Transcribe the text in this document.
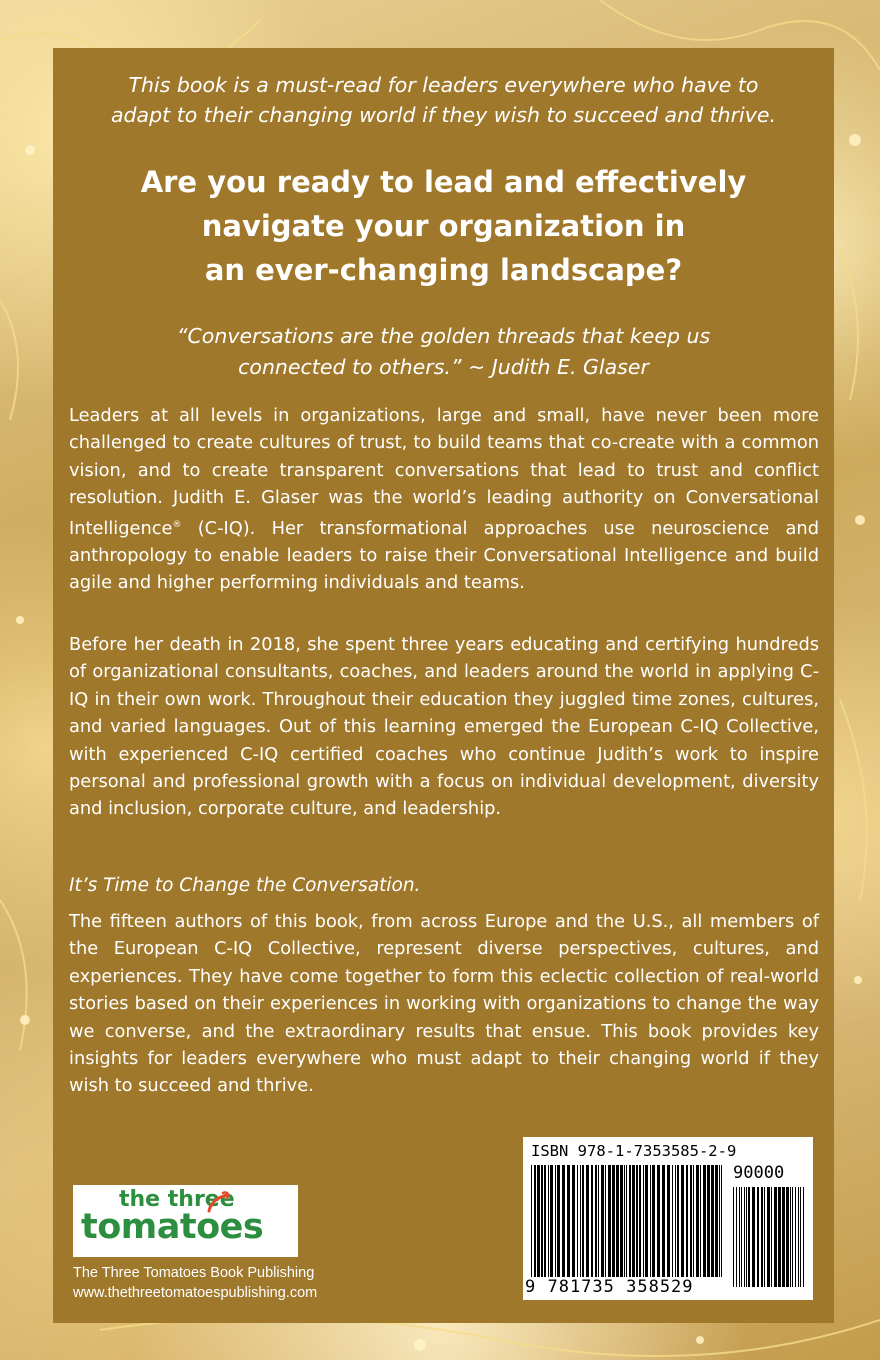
This book is a must-read for leaders everywhere who have to
adapt to their changing world if they wish to succeed and thrive.

Are you ready to lead and effectively
navigate your organization in
an ever-changing landscape?

“Conversations are the golden threads that keep us
connected to others.” ~ Judith E. Glaser

Leaders at all levels in organizations, large and small, have never been more challenged to create cultures of trust, to build teams that co-create with a common vision, and to create transparent conversations that lead to trust and conflict resolution. Judith E. Glaser was the world’s leading authority on Conversational Intelligence® (C-IQ). Her transformational approaches use neuroscience and anthropology to enable leaders to raise their Conversational Intelligence and build agile and higher performing individuals and teams.

Before her death in 2018, she spent three years educating and certifying hundreds of organizational consultants, coaches, and leaders around the world in applying C-IQ in their own work. Throughout their education they juggled time zones, cultures, and varied languages. Out of this learning emerged the European C-IQ Collective, with experienced C-IQ certified coaches who continue Judith’s work to inspire personal and professional growth with a focus on individual development, diversity and inclusion, corporate culture, and leadership.

It’s Time to Change the Conversation.

The fifteen authors of this book, from across Europe and the U.S., all members of the European C-IQ Collective, represent diverse perspectives, cultures, and experiences. They have come together to form this eclectic collection of real-world stories based on their experiences in working with organizations to change the way we converse, and the extraordinary results that ensue. This book provides key insights for leaders everywhere who must adapt to their changing world if they wish to succeed and thrive.

the three
tomatoes

The Three Tomatoes Book Publishing
www.thethreetomatoespublishing.com

ISBN 978-1-7353585-2-9
90000
9 781735 358529
